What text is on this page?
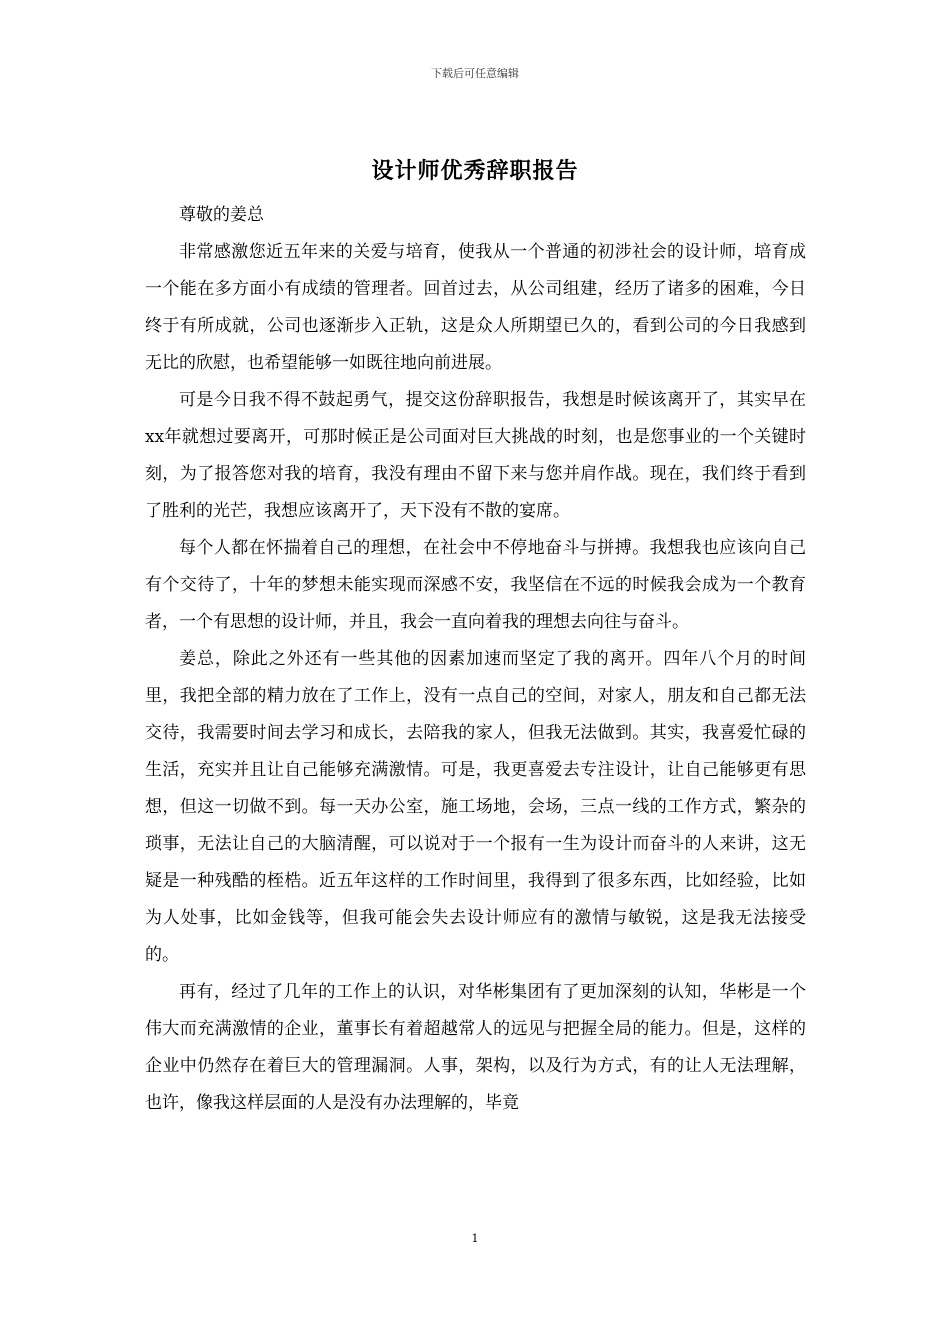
下载后可任意编辑
设计师优秀辞职报告

尊敬的姜总

非常感激您近五年来的关爱与培育，使我从一个普通的初涉社会的设计师，培育成一个能在多方面小有成绩的管理者。回首过去，从公司组建，经历了诸多的困难，今日终于有所成就，公司也逐渐步入正轨，这是众人所期望已久的，看到公司的今日我感到无比的欣慰，也希望能够一如既往地向前进展。

可是今日我不得不鼓起勇气，提交这份辞职报告，我想是时候该离开了，其实早在xx年就想过要离开，可那时候正是公司面对巨大挑战的时刻，也是您事业的一个关键时刻，为了报答您对我的培育，我没有理由不留下来与您并肩作战。现在，我们终于看到了胜利的光芒，我想应该离开了，天下没有不散的宴席。

每个人都在怀揣着自己的理想，在社会中不停地奋斗与拼搏。我想我也应该向自己有个交待了，十年的梦想未能实现而深感不安，我坚信在不远的时候我会成为一个教育者，一个有思想的设计师，并且，我会一直向着我的理想去向往与奋斗。

姜总，除此之外还有一些其他的因素加速而坚定了我的离开。四年八个月的时间里，我把全部的精力放在了工作上，没有一点自己的空间，对家人，朋友和自己都无法交待，我需要时间去学习和成长，去陪我的家人，但我无法做到。其实，我喜爱忙碌的生活，充实并且让自己能够充满激情。可是，我更喜爱去专注设计，让自己能够更有思想，但这一切做不到。每一天办公室，施工场地，会场，三点一线的工作方式，繁杂的琐事，无法让自己的大脑清醒，可以说对于一个报有一生为设计而奋斗的人来讲，这无疑是一种残酷的桎梏。近五年这样的工作时间里，我得到了很多东西，比如经验，比如为人处事，比如金钱等，但我可能会失去设计师应有的激情与敏锐，这是我无法接受的。

再有，经过了几年的工作上的认识，对华彬集团有了更加深刻的认知，华彬是一个伟大而充满激情的企业，董事长有着超越常人的远见与把握全局的能力。但是，这样的企业中仍然存在着巨大的管理漏洞。人事，架构，以及行为方式，有的让人无法理解，也许，像我这样层面的人是没有办法理解的，毕竟

1
